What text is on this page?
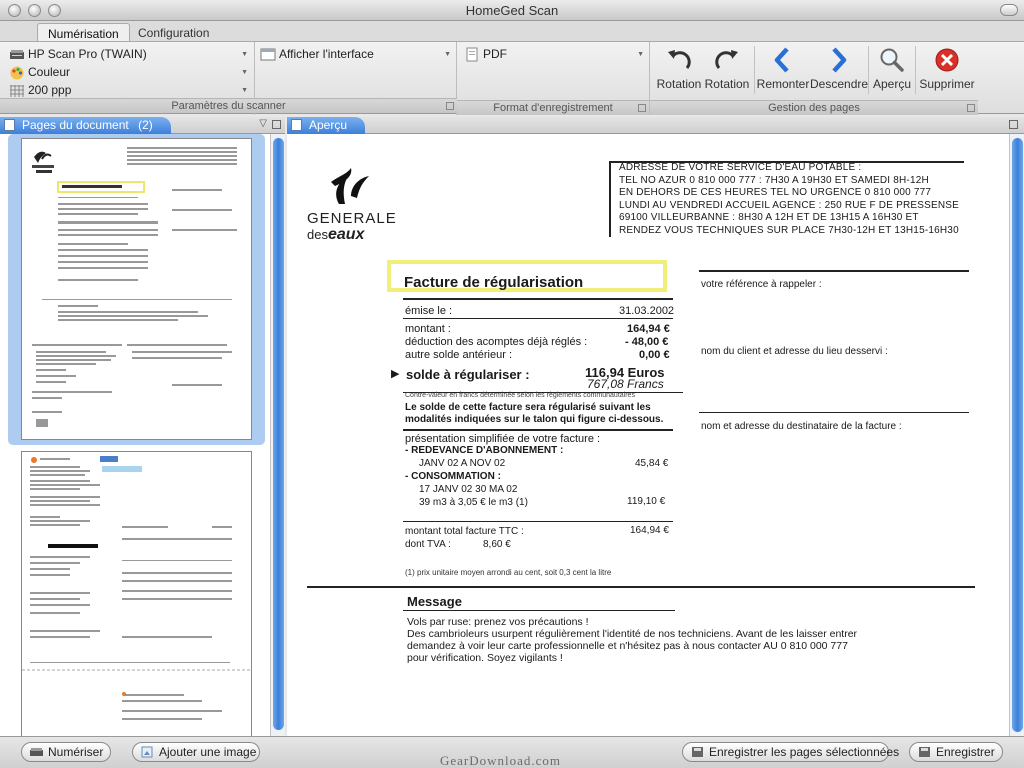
HomeGed Scan
Numérisation	Configuration
HP Scan Pro (TWAIN)	▼
Couleur	▼
200 ppp	▼
Afficher l'interface	▼
Paramètres du scanner
PDF	▼
Format d'enregistrement
Rotation Rotation Remonter Descendre Aperçu Supprimer
Gestion des pages
Pages du document (2)	▽	Aperçu
GENERALE
deseaux
ADRESSE DE VOTRE SERVICE D'EAU POTABLE :
TEL NO AZUR 0 810 000 777 : 7H30 A 19H30 ET SAMEDI 8H-12H
EN DEHORS DE CES HEURES TEL NO URGENCE 0 810 000 777
LUNDI AU VENDREDI ACCUEIL AGENCE : 250 RUE F DE PRESSENSE
69100 VILLEURBANNE : 8H30 A 12H ET DE 13H15 A 16H30 ET
RENDEZ VOUS TECHNIQUES SUR PLACE 7H30-12H ET 13H15-16H30
Facture de régularisation
émise le :	31.03.2002
montant :	164,94 €
déduction des acomptes déjà réglés :	- 48,00 €
autre solde antérieur :	0,00 €
▶ solde à régulariser :	116,94 Euros
767,08 Francs
Contre-valeur en francs déterminée selon les règlements communautaires
Le solde de cette facture sera régularisé suivant les
modalités indiquées sur le talon qui figure ci-dessous.
présentation simplifiée de votre facture :
- REDEVANCE D'ABONNEMENT :
JANV 02 A NOV 02	45,84 €
- CONSOMMATION :
17 JANV 02 30 MA 02
39 m3 à 3,05 € le m3 (1)	119,10 €
montant total facture TTC :	164,94 €
dont TVA :	8,60 €
(1) prix unitaire moyen arrondi au cent, soit 0,3 cent la litre
votre référence à rappeler :
nom du client et adresse du lieu desservi :
nom et adresse du destinataire de la facture :
Message
Vols par ruse: prenez vos précautions !
Des cambrioleurs usurpent régulièrement l'identité de nos techniciens. Avant de les laisser entrer
demandez à voir leur carte professionnelle et n'hésitez pas à nous contacter AU 0 810 000 777
pour vérification. Soyez vigilants !
Numériser	Ajouter une image
GearDownload.com
Enregistrer les pages sélectionnées	Enregistrer
